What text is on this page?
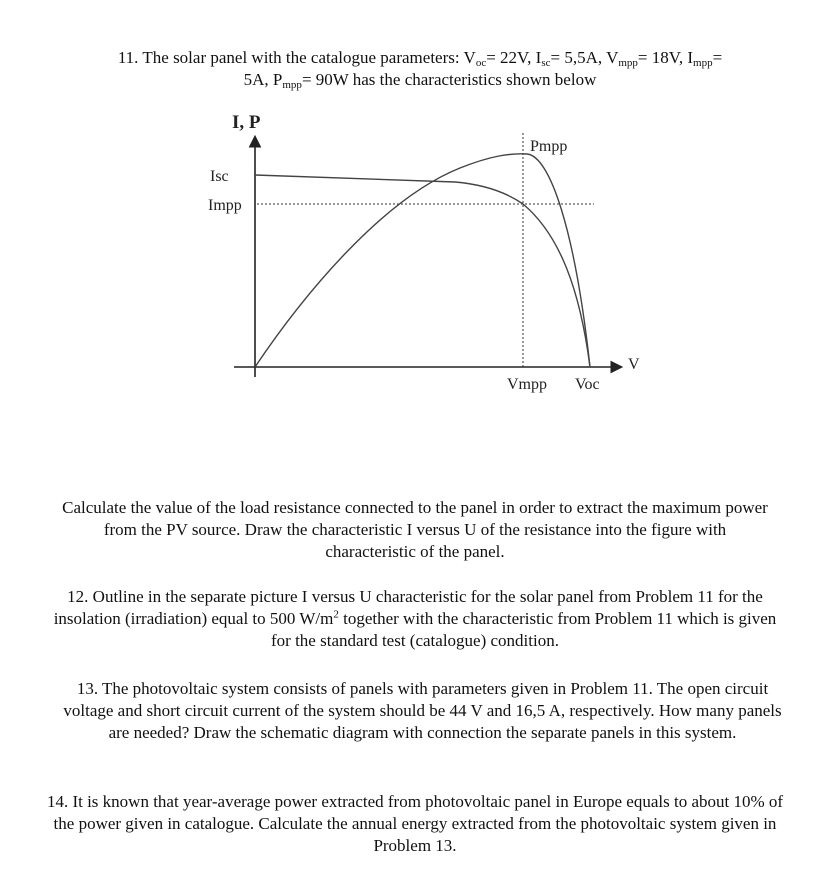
11. The solar panel with the catalogue parameters: $V_{oc}= 22V$, $I_{sc}= 5,5A$, $V_{mpp}= 18V$, $I_{mpp}=$
5A, $P_{mpp}= 90W$ has the characteristics shown below
I, P
Isc
Impp
Pmpp
Vmpp Voc
V
Calculate the value of the load resistance connected to the panel in order to extract the maximum power from the PV source. Draw the characteristic I versus U of the resistance into the figure with characteristic of the panel.
12. Outline in the separate picture I versus U characteristic for the solar panel from Problem 11 for the insolation (irradiation) equal to 500 $W/m^2$ together with the characteristic from Problem 11 which is given for the standard test (catalogue) condition.
13. The photovoltaic system consists of panels with parameters given in Problem 11. The open circuit voltage and short circuit current of the system should be 44 V and 16,5 A, respectively. How many panels are needed? Draw the schematic diagram with connection the separate panels in this system.
14. It is known that year-average power extracted from photovoltaic panel in Europe equals to about 10% of the power given in catalogue. Calculate the annual energy extracted from the photovoltaic system given in Problem 13.
